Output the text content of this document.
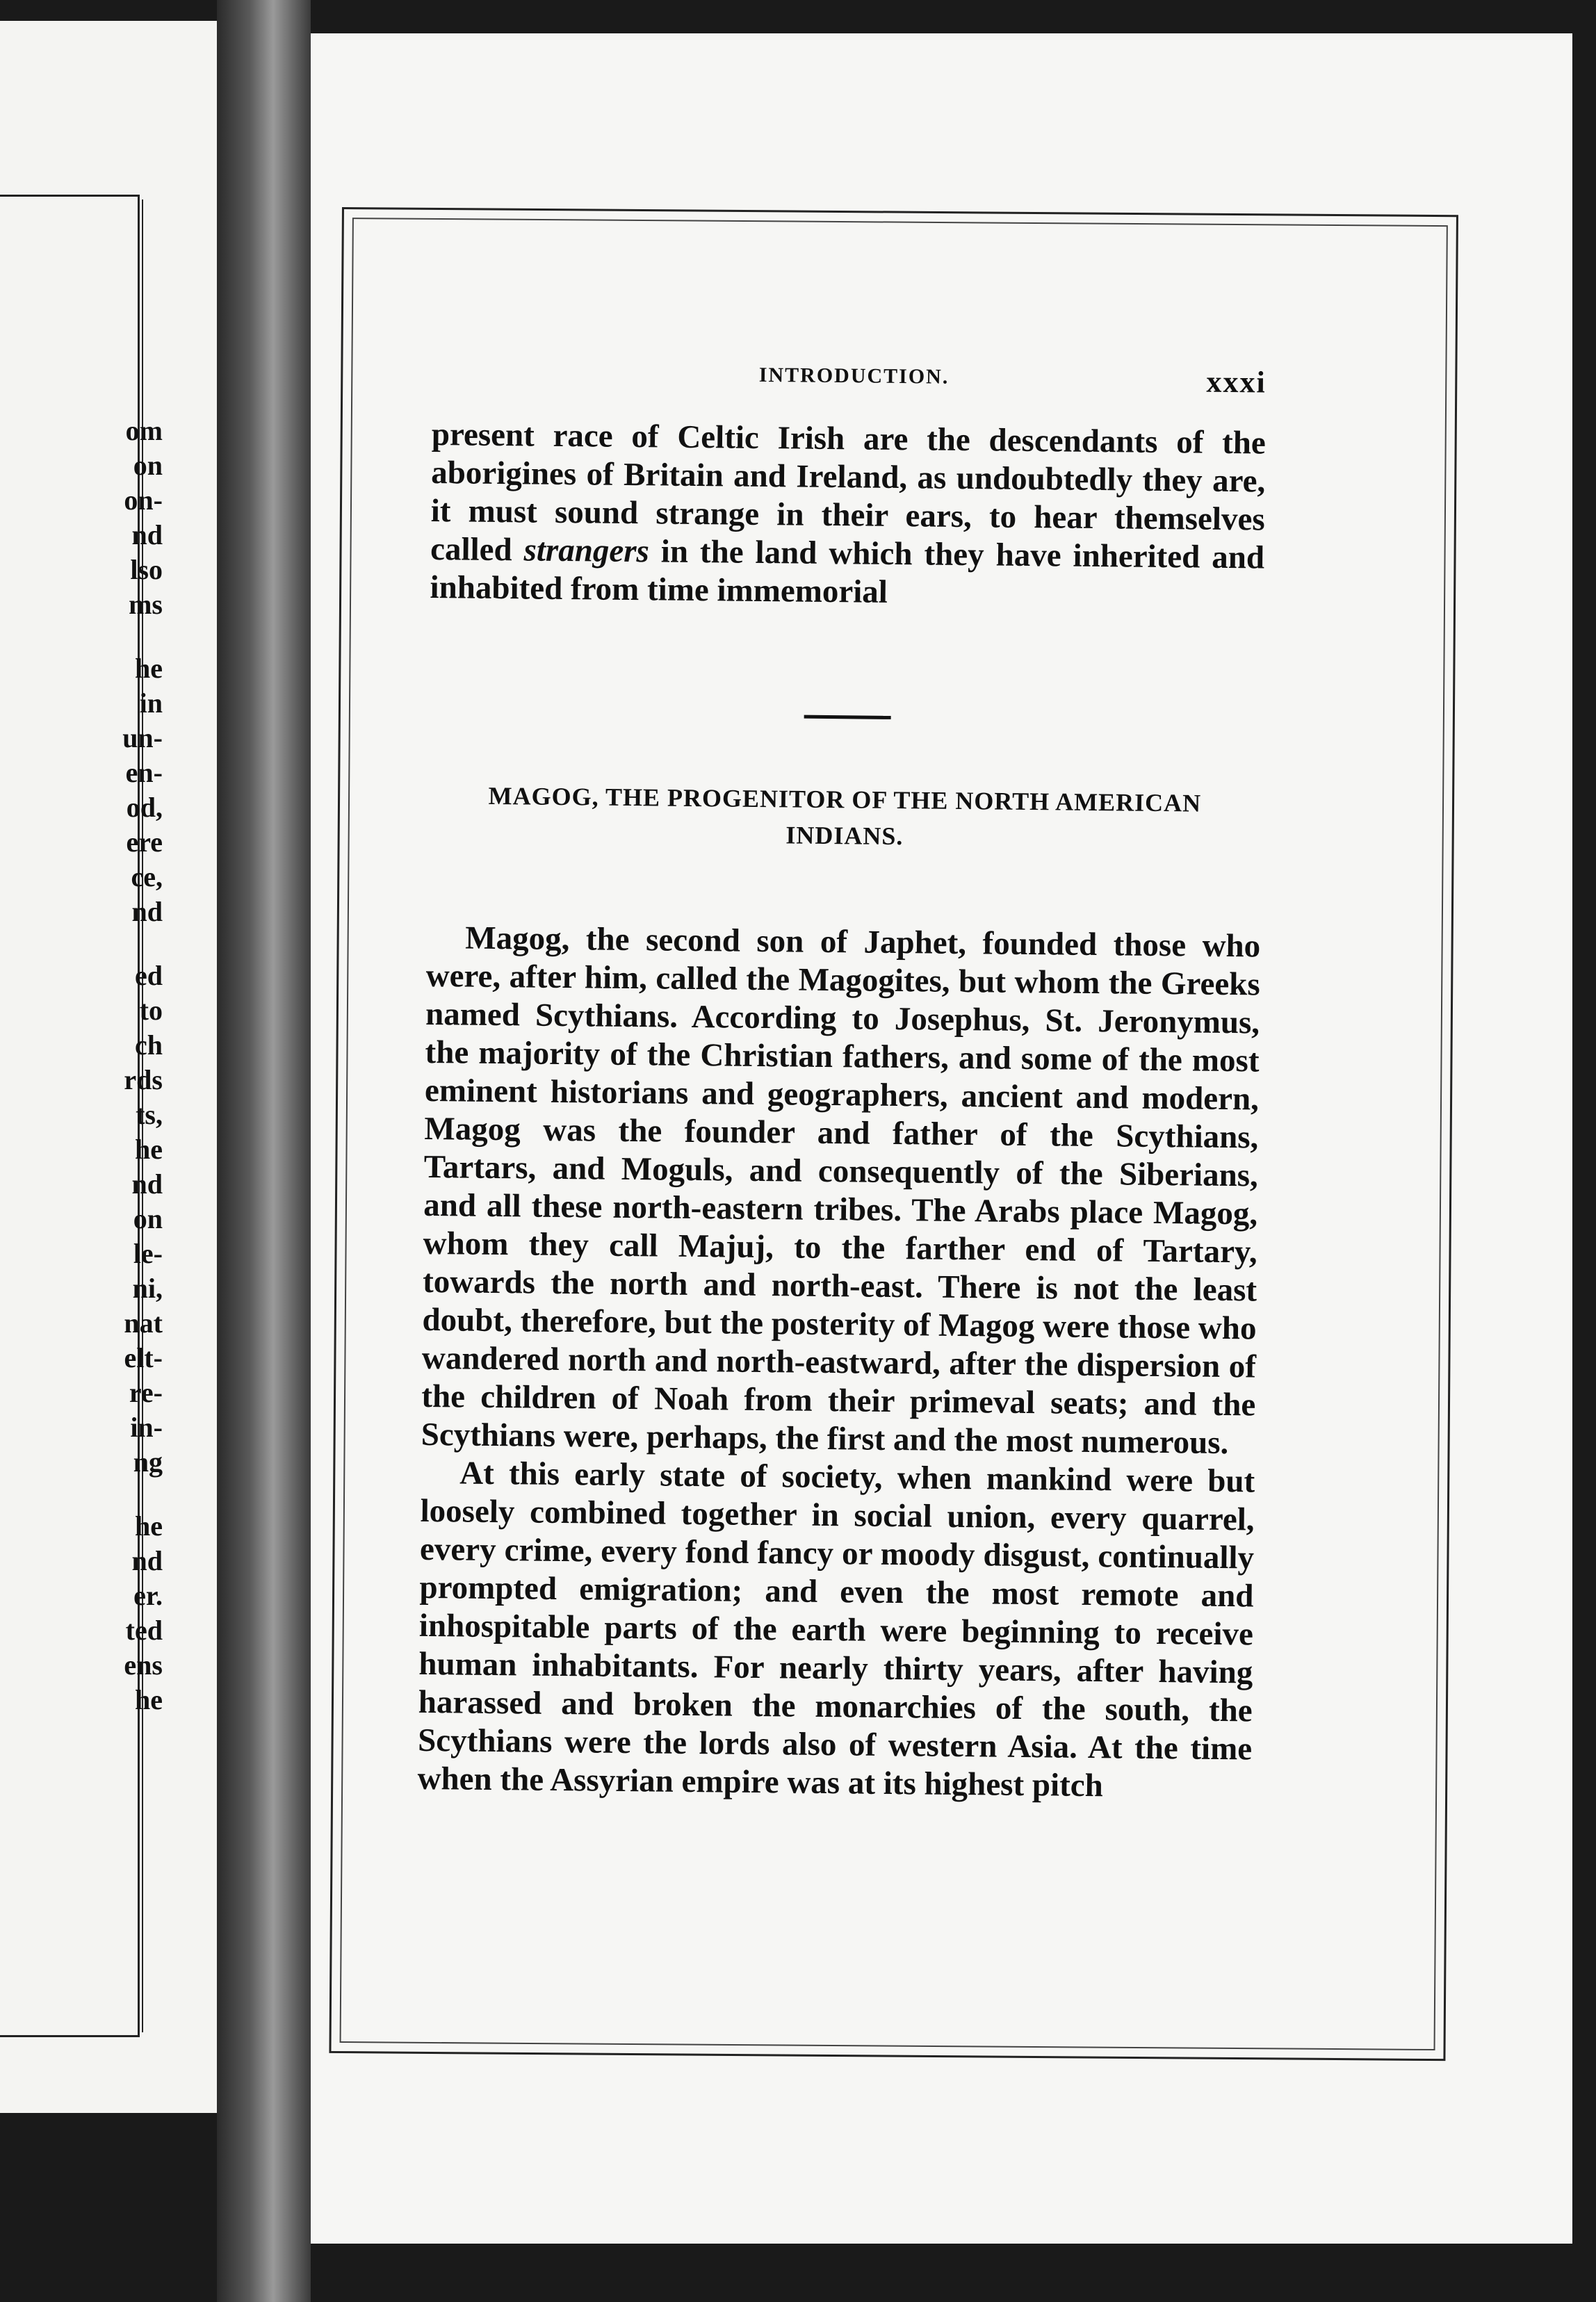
om
on
on-
nd
lso
ms
he
in
un-
en-
od,
ere
ce,
nd
ed
to
ch
rds
ts,
he
nd
on
le-
ni,
nat
elt-
re-
in-
ng
he
nd
er.
ted
ens
he
INTRODUCTION.	xxxi

present race of Celtic Irish are the descendants of the aborigines of Britain and Ireland, as undoubtedly they are, it must sound strange in their ears, to hear themselves called strangers in the land which they have inherited and inhabited from time immemorial

MAGOG, THE PROGENITOR OF THE NORTH AMERICAN INDIANS.

Magog, the second son of Japhet, founded those who were, after him, called the Magogites, but whom the Greeks named Scythians. According to Josephus, St. Jeronymus, the majority of the Christian fathers, and some of the most eminent historians and geographers, ancient and modern, Magog was the founder and father of the Scythians, Tartars, and Moguls, and consequently of the Siberians, and all these north-eastern tribes. The Arabs place Magog, whom they call Majuj, to the farther end of Tartary, towards the north and north-east. There is not the least doubt, therefore, but the posterity of Magog were those who wandered north and north-eastward, after the dispersion of the children of Noah from their primeval seats; and the Scythians were, perhaps, the first and the most numerous.

At this early state of society, when mankind were but loosely combined together in social union, every quarrel, every crime, every fond fancy or moody disgust, continually prompted emigration; and even the most remote and inhospitable parts of the earth were beginning to receive human inhabitants. For nearly thirty years, after having harassed and broken the monarchies of the south, the Scythians were the lords also of western Asia. At the time when the Assyrian empire was at its highest pitch
